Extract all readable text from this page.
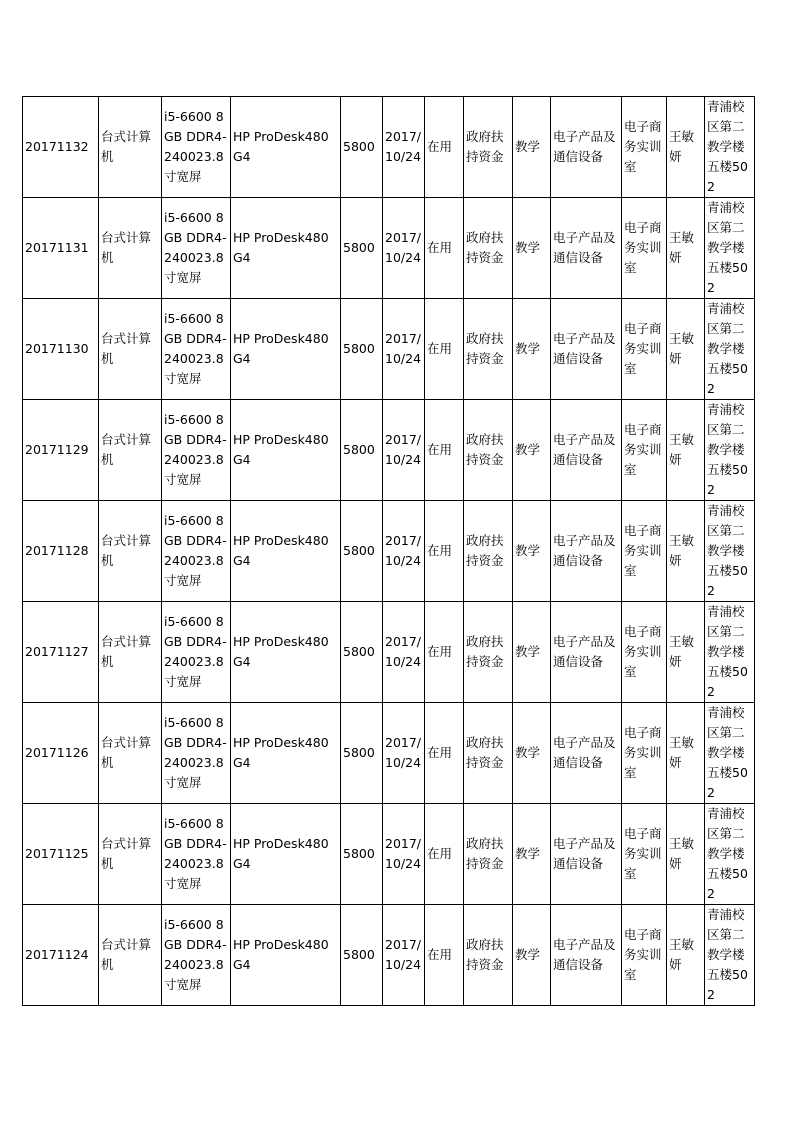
20171132	台式计算机	i5-6600 8GB DDR4-240023.8寸宽屏	HP ProDesk480G4	5800	2017/10/24	在用	政府扶持资金	教学	电子产品及通信设备	电子商务实训室	王敏妍	青浦校区第二教学楼五楼502
20171131	台式计算机	i5-6600 8GB DDR4-240023.8寸宽屏	HP ProDesk480G4	5800	2017/10/24	在用	政府扶持资金	教学	电子产品及通信设备	电子商务实训室	王敏妍	青浦校区第二教学楼五楼502
20171130	台式计算机	i5-6600 8GB DDR4-240023.8寸宽屏	HP ProDesk480G4	5800	2017/10/24	在用	政府扶持资金	教学	电子产品及通信设备	电子商务实训室	王敏妍	青浦校区第二教学楼五楼502
20171129	台式计算机	i5-6600 8GB DDR4-240023.8寸宽屏	HP ProDesk480G4	5800	2017/10/24	在用	政府扶持资金	教学	电子产品及通信设备	电子商务实训室	王敏妍	青浦校区第二教学楼五楼502
20171128	台式计算机	i5-6600 8GB DDR4-240023.8寸宽屏	HP ProDesk480G4	5800	2017/10/24	在用	政府扶持资金	教学	电子产品及通信设备	电子商务实训室	王敏妍	青浦校区第二教学楼五楼502
20171127	台式计算机	i5-6600 8GB DDR4-240023.8寸宽屏	HP ProDesk480G4	5800	2017/10/24	在用	政府扶持资金	教学	电子产品及通信设备	电子商务实训室	王敏妍	青浦校区第二教学楼五楼502
20171126	台式计算机	i5-6600 8GB DDR4-240023.8寸宽屏	HP ProDesk480G4	5800	2017/10/24	在用	政府扶持资金	教学	电子产品及通信设备	电子商务实训室	王敏妍	青浦校区第二教学楼五楼502
20171125	台式计算机	i5-6600 8GB DDR4-240023.8寸宽屏	HP ProDesk480G4	5800	2017/10/24	在用	政府扶持资金	教学	电子产品及通信设备	电子商务实训室	王敏妍	青浦校区第二教学楼五楼502
20171124	台式计算机	i5-6600 8GB DDR4-240023.8寸宽屏	HP ProDesk480G4	5800	2017/10/24	在用	政府扶持资金	教学	电子产品及通信设备	电子商务实训室	王敏妍	青浦校区第二教学楼五楼502
